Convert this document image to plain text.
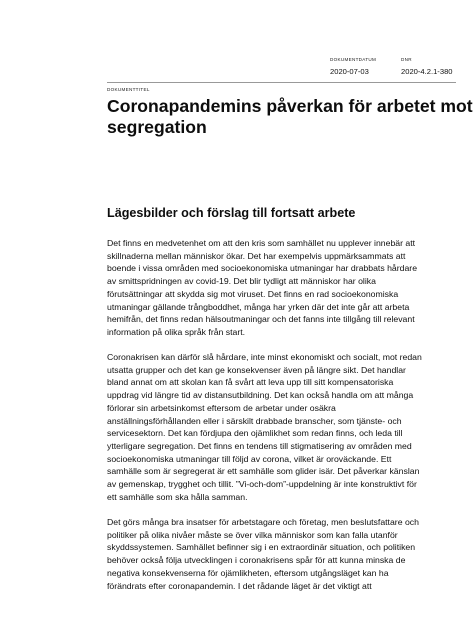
DOKUMENTDATUM
2020-07-03
DNR
2020-4.2.1-380
DOKUMENTTITEL
Coronapandemins påverkan för arbetet mot
segregation
Lägesbilder och förslag till fortsatt arbete

Det finns en medvetenhet om att den kris som samhället nu upplever innebär att
skillnaderna mellan människor ökar. Det har exempelvis uppmärksammats att
boende i vissa områden med socioekonomiska utmaningar har drabbats hårdare
av smittspridningen av covid-19. Det blir tydligt att människor har olika
förutsättningar att skydda sig mot viruset. Det finns en rad socioekonomiska
utmaningar gällande trångboddhet, många har yrken där det inte går att arbeta
hemifrån, det finns redan hälsoutmaningar och det fanns inte tillgång till relevant
information på olika språk från start.

Coronakrisen kan därför slå hårdare, inte minst ekonomiskt och socialt, mot redan
utsatta grupper och det kan ge konsekvenser även på längre sikt. Det handlar
bland annat om att skolan kan få svårt att leva upp till sitt kompensatoriska
uppdrag vid längre tid av distansutbildning. Det kan också handla om att många
förlorar sin arbetsinkomst eftersom de arbetar under osäkra
anställningsförhållanden eller i särskilt drabbade branscher, som tjänste- och
servicesektorn. Det kan fördjupa den ojämlikhet som redan finns, och leda till
ytterligare segregation. Det finns en tendens till stigmatisering av områden med
socioekonomiska utmaningar till följd av corona, vilket är oroväckande. Ett
samhälle som är segregerat är ett samhälle som glider isär. Det påverkar känslan
av gemenskap, trygghet och tillit. ”Vi-och-dom”-uppdelning är inte konstruktivt för
ett samhälle som ska hålla samman.

Det görs många bra insatser för arbetstagare och företag, men beslutsfattare och
politiker på olika nivåer måste se över vilka människor som kan falla utanför
skyddssystemen. Samhället befinner sig i en extraordinär situation, och politiken
behöver också följa utvecklingen i coronakrisens spår för att kunna minska de
negativa konsekvenserna för ojämlikheten, eftersom utgångsläget kan ha
förändrats efter coronapandemin. I det rådande läget är det viktigt att
